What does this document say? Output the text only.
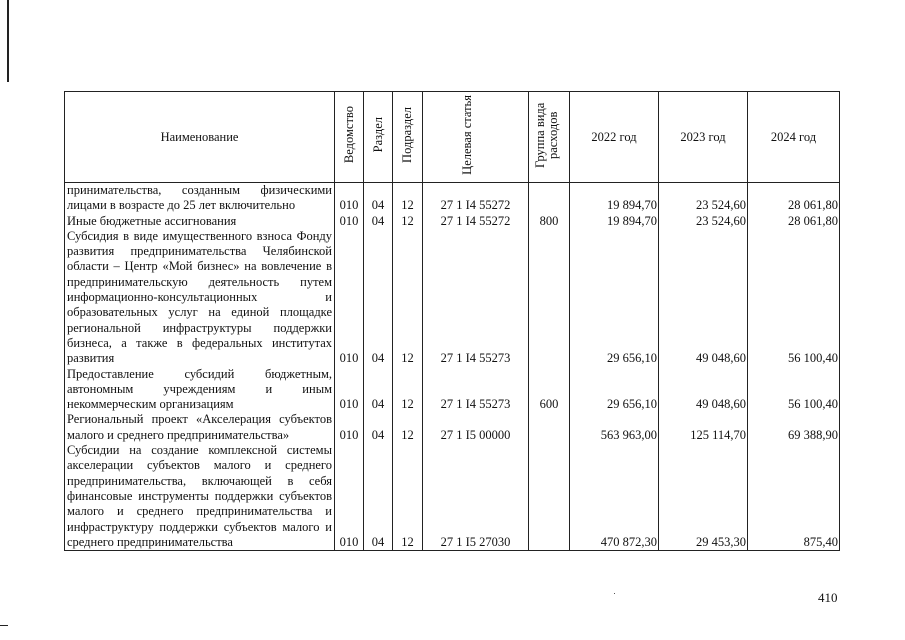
Наименование	Ведомство	Раздел	Подраздел	Целевая статья	Группа вида расходов	2022 год	2023 год	2024 год
принимательства, созданным физическими лицами в возрасте до 25 лет включительно	010	04	12	27 1 I4 55272		19 894,70	23 524,60	28 061,80
Иные бюджетные ассигнования	010	04	12	27 1 I4 55272	800	19 894,70	23 524,60	28 061,80
Субсидия в виде имущественного взноса Фонду развития предпринимательства Челябинской области – Центр «Мой бизнес» на вовлечение в предпринимательскую деятельность путем информационно-консультационных и образовательных услуг на единой площадке региональной инфраструктуры поддержки бизнеса, а также в федеральных институтах развития	010	04	12	27 1 I4 55273		29 656,10	49 048,60	56 100,40
Предоставление субсидий бюджетным, автономным учреждениям и иным некоммерческим организациям	010	04	12	27 1 I4 55273	600	29 656,10	49 048,60	56 100,40
Региональный проект «Акселерация субъектов малого и среднего предпринимательства»	010	04	12	27 1 I5 00000		563 963,00	125 114,70	69 388,90
Субсидии на создание комплексной системы акселерации субъектов малого и среднего предпринимательства, включающей в себя финансовые инструменты поддержки субъектов малого и среднего предпринимательства и инфраструктуру поддержки субъектов малого и среднего предпринимательства	010	04	12	27 1 I5 27030		470 872,30	29 453,30	875,40
410
